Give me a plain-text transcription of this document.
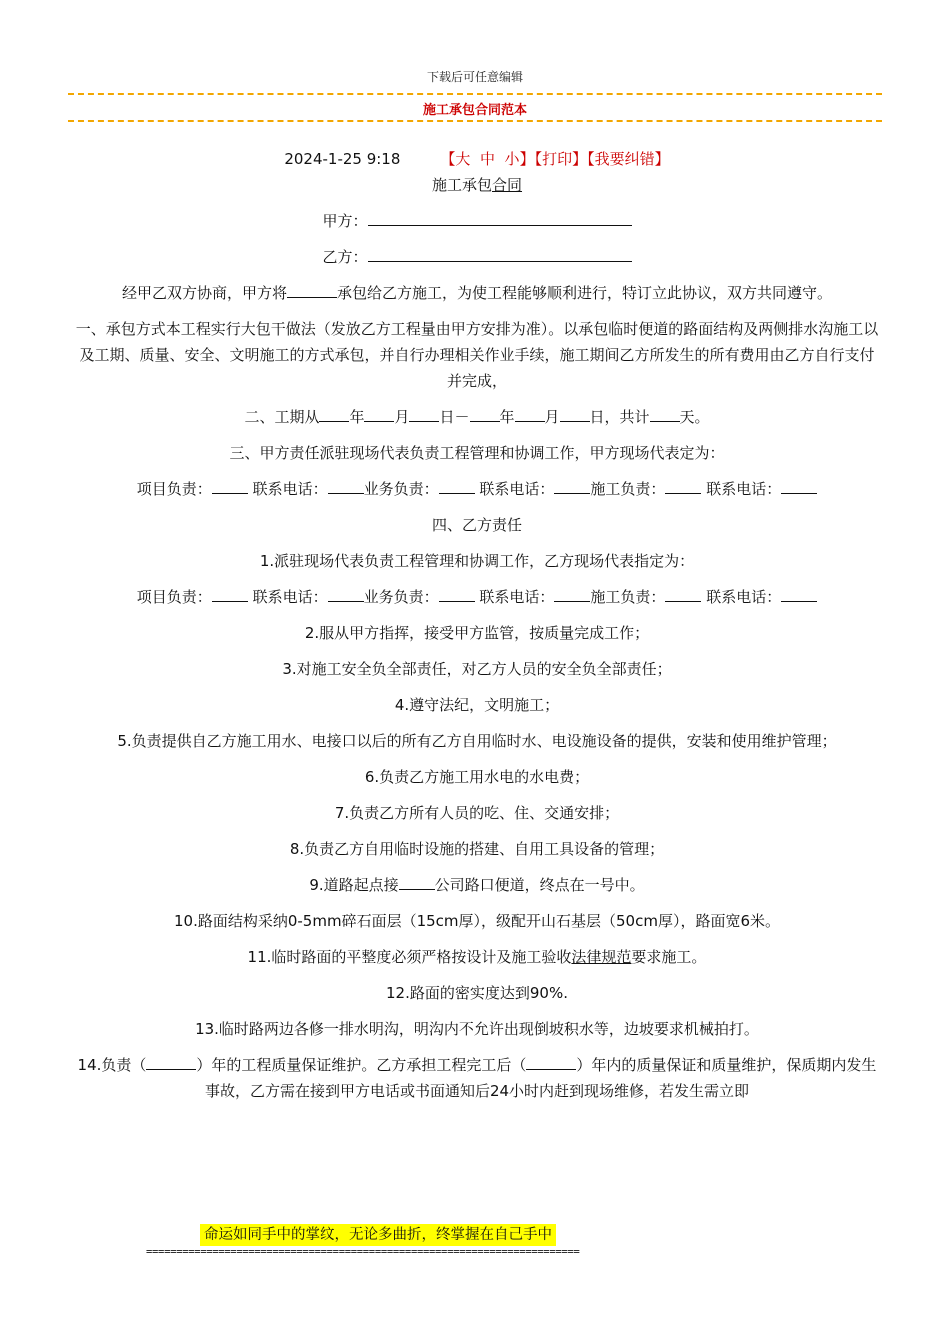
下载后可任意编辑
施工承包合同范本

2024-1-25 9:18	【大 中 小】【打印】【我要纠错】

施工承包合同

甲方：

乙方：

经甲乙双方协商，甲方将	承包给乙方施工，为使工程能够顺利进行，特订立此协议，双方共同遵守。

一、承包方式本工程实行大包干做法（发放乙方工程量由甲方安排为准）。以承包临时便道的路面结构及两侧排水沟施工以及工期、质量、安全、文明施工的方式承包，并自行办理相关作业手续，施工期间乙方所发生的所有费用由乙方自行支付并完成，

二、工期从 年 月 日－ 年 月 日，共计 天。

三、甲方责任派驻现场代表负责工程管理和协调工作，甲方现场代表定为：

项目负责：	联系电话： 业务负责：	联系电话： 施工负责：	联系电话：

四、乙方责任

1.派驻现场代表负责工程管理和协调工作，乙方现场代表指定为：

项目负责：	联系电话： 业务负责：	联系电话： 施工负责：	联系电话：

2.服从甲方指挥，接受甲方监管，按质量完成工作；

3.对施工安全负全部责任，对乙方人员的安全负全部责任；

4.遵守法纪，文明施工；

5.负责提供自乙方施工用水、电接口以后的所有乙方自用临时水、电设施设备的提供，安装和使用维护管理；

6.负责乙方施工用水电的水电费；

7.负责乙方所有人员的吃、住、交通安排；

8.负责乙方自用临时设施的搭建、自用工具设备的管理；

9.道路起点接 公司路口便道，终点在一号中。

10.路面结构采纳0-5mm碎石面层（15cm厚），级配开山石基层（50cm厚），路面宽6米。

11.临时路面的平整度必须严格按设计及施工验收法律规范要求施工。

12.路面的密实度达到90%.

13.临时路两边各修一排水明沟，明沟内不允许出现倒坡积水等，边坡要求机械拍打。

14.负责（	）年的工程质量保证维护。乙方承担工程完工后（	）年内的质量保证和质量维护，保质期内发生事故，乙方需在接到甲方电话或书面通知后24小时内赶到现场维修，若发生需立即

命运如同手中的掌纹，无论多曲折，终掌握在自己手中
========================================================================
